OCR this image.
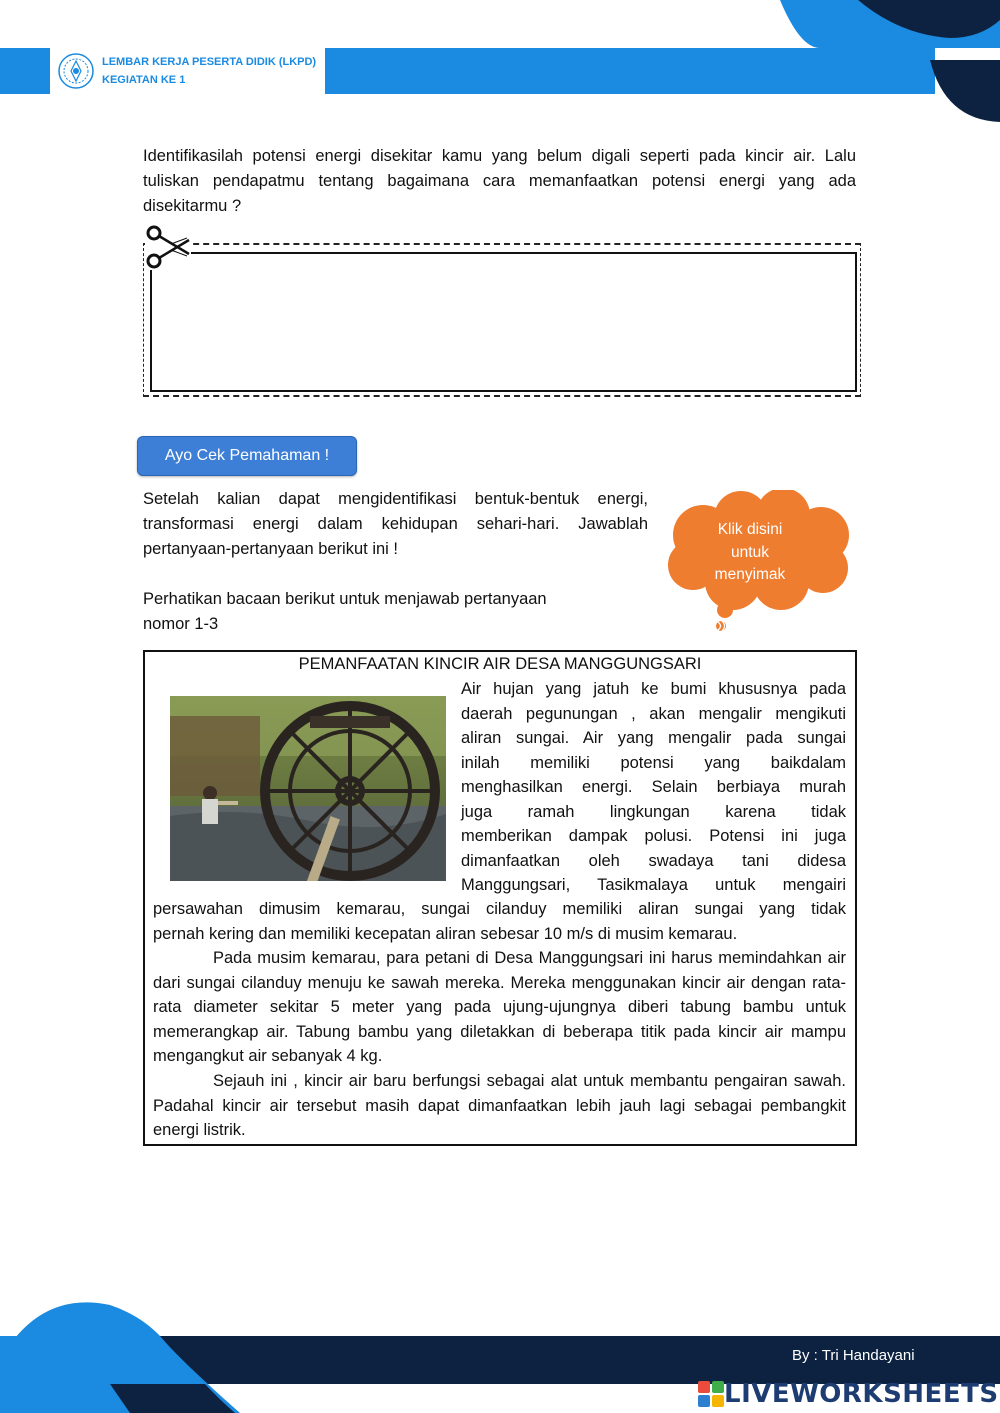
LEMBAR KERJA PESERTA DIDIK (LKPD)
KEGIATAN KE 1
Identifikasilah potensi energi disekitar kamu yang belum digali seperti pada kincir air. Lalu tuliskan pendapatmu tentang bagaimana cara memanfaatkan potensi energi yang ada disekitarmu ?
Ayo Cek Pemahaman !
Setelah kalian dapat mengidentifikasi bentuk-bentuk energi, transformasi energi dalam kehidupan sehari-hari. Jawablah pertanyaan-pertanyaan berikut ini !
Perhatikan bacaan berikut untuk menjawab pertanyaan
nomor 1-3
Klik disini
untuk
menyimak
PEMANFAATAN KINCIR AIR DESA MANGGUNGSARI

Air hujan yang jatuh ke bumi khususnya pada

daerah pegunungan , akan mengalir mengikuti

aliran sungai. Air yang mengalir pada sungai

inilah memiliki potensi yang baikdalam

menghasilkan energi. Selain berbiaya murah

juga ramah lingkungan karena tidak

memberikan dampak polusi. Potensi ini juga

dimanfaatkan oleh swadaya tani didesa

Manggungsari, Tasikmalaya untuk mengairi

persawahan dimusim kemarau, sungai cilanduy memiliki aliran sungai yang tidak

pernah kering dan memiliki kecepatan aliran sebesar 10 m/s di musim kemarau.

Pada musim kemarau, para petani di Desa Manggungsari ini harus memindahkan air dari sungai cilanduy menuju ke sawah mereka. Mereka menggunakan kincir air dengan rata-rata diameter sekitar 5 meter yang pada ujung-ujungnya diberi tabung bambu untuk memerangkap air. Tabung bambu yang diletakkan di beberapa titik pada kincir air mampu mengangkut air sebanyak 4 kg.
Sejauh ini , kincir air baru berfungsi sebagai alat untuk membantu pengairan sawah. Padahal kincir air tersebut masih dapat dimanfaatkan lebih jauh lagi sebagai pembangkit energi listrik.
By : Tri Handayani
LIVEWORKSHEETS
